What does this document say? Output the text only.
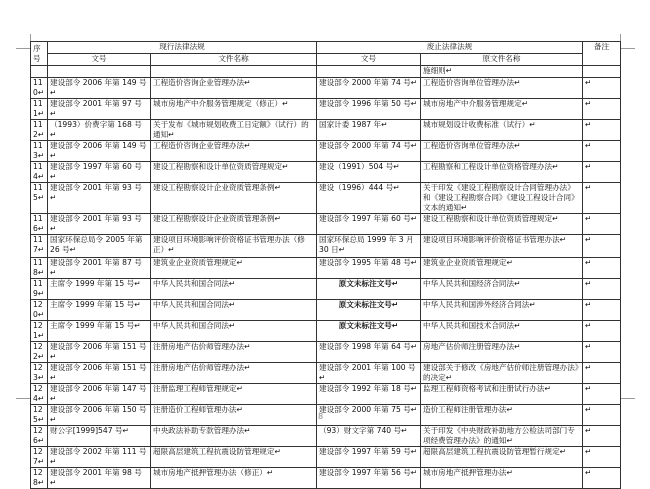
序号	现行法律法规		废止法律法规		备注
	文号	文件名称	文号	原文件名称	
				施细则↵	
110↵	建设部令 2006 年第 149 号↵	工程造价咨询企业管理办法↵	建设部令 2000 年第 74 号↵	工程造价咨询单位管理办法↵	↵
111↵	建设部令 2001 年第 97 号↵	城市房地产中介服务管理规定（修正）↵	建设部令 1996 年第 50 号↵	城市房地产中介服务管理规定↵	↵
112↵	（1993）价费字第 168 号↵	关于发布《城市规划收费工日定额》（试行）的通知↵	国家计委 1987 年↵	城市规划设计收费标准（试行）↵	↵
113↵	建设部令 2006 年第 149 号↵	工程造价咨询企业管理办法↵	建设部令 2000 年第 74 号↵	工程造价咨询单位管理办法↵	↵
114↵	建设部令 1997 年第 60 号↵	建设工程勘察和设计单位资质管理规定↵	建设（1991）504 号↵	工程勘察和工程设计单位资格管理办法↵	↵
115↵	建设部令 2001 年第 93 号↵	建设工程勘察设计企业资质管理条例↵	建设（1996）444 号↵	关于印发《建设工程勘察设计合同管理办法》和《建设工程勘察合同》《建设工程设计合同》文本的通知↵	↵
116↵	建设部令 2001 年第 93 号↵	建设工程勘察设计企业资质管理条例↵	建设部令 1997 年第 60 号↵	建设工程勘察和设计单位资质管理规定↵	↵
117↵	国家环保总局令 2005 年第 26 号↵	建设项目环境影响评价资格证书管理办法（修正）↵	国家环保总局 1999 年 3 月 30 日↵	建设项目环境影响评价资格证书管理办法↵	↵
118↵	建设部令 2001 年第 87 号↵	建筑业企业资质管理规定↵	建设部令 1995 年第 48 号↵	建筑业企业资质管理规定↵	↵
119↵	主席令 1999 年第 15 号↵	中华人民共和国合同法↵	原文未标注文号↵	中华人民共和国经济合同法↵	↵
120↵	主席令 1999 年第 15 号↵	中华人民共和国合同法↵	原文未标注文号↵	中华人民共和国涉外经济合同法↵	↵
121↵	主席令 1999 年第 15 号↵	中华人民共和国合同法↵	原文未标注文号↵	中华人民共和国技术合同法↵	↵
122↵	建设部令 2006 年第 151 号↵	注册房地产估价师管理办法↵	建设部令 1998 年第 64 号↵	房地产估价师注册管理办法↵	↵
123↵	建设部令 2006 年第 151 号↵	注册房地产估价师管理办法↵	建设部令 2001 年第 100 号↵	建设部关于修改《房地产估价师注册管理办法》的决定↵	↵
124↵	建设部令 2006 年第 147 号↵	注册监理工程师管理规定↵	建设部令 1992 年第 18 号↵	监理工程师资格考试和注册试行办法↵	↵
125↵	建设部令 2006 年第 150 号↵	注册造价工程师管理办法↵	建设部令 2000 年第 75 号↵	造价工程师注册管理办法↵	↵
126↵	财公字[1999]547 号↵	中央政法补助专款管理办法↵	（93）财文字第 740 号↵	关于印发《中央财政补助地方公检法司部门专项经费管理办法》的通知↵	↵
127↵	建设部令 2002 年第 111 号↵	超限高层建筑工程抗震设防管理规定↵	建设部令 1997 年第 59 号↵	超限高层建筑工程抗震设防管理暂行规定↵	↵
128↵	建设部令 2001 年第 98 号↵	城市房地产抵押管理办法（修正）↵	建设部令 1997 年第 56 号↵	城市房地产抵押管理办法↵	↵
8
